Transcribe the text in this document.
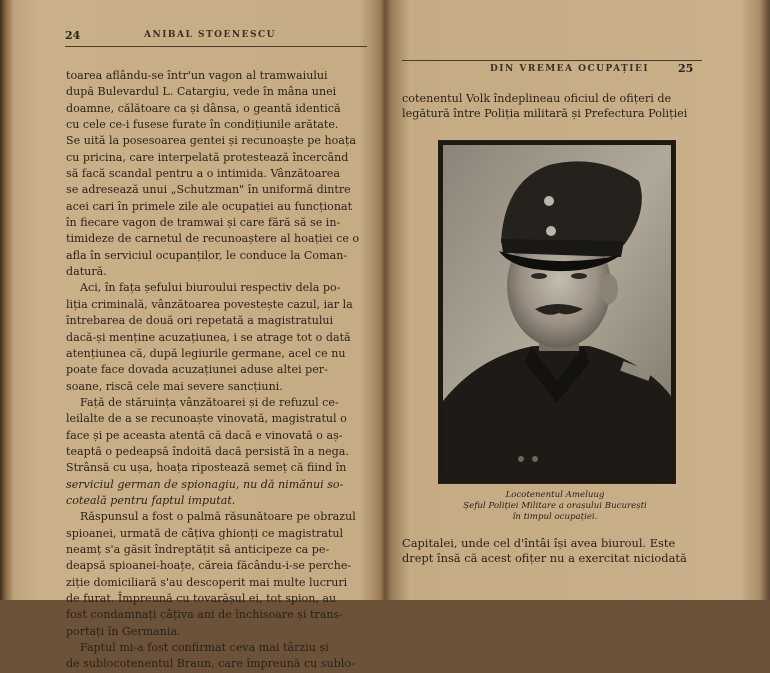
24	ANIBAL STOENESCU
toarea aflându-se într'un vagon al tramwaiului
după Bulevardul L. Catargiu, vede în mâna unei
doamne, călătoare ca și dânsa, o geantă identică
cu cele ce-i fusese furate în condițiunile arătate.
Se uită la posesoarea gentei și recunoaște pe hoața
cu pricina, care interpelată protestează încercând
să facă scandal pentru a o intimida. Vânzătoarea
se adresează unui „Schutzman" în uniformă dintre
acei cari în primele zile ale ocupației au funcționat
în fiecare vagon de tramwai și care fără să se in-
timideze de carnetul de recunoaștere al hoației ce o
afla în serviciul ocupanților, le conduce la Coman-
datură.
Aci, în fața șefului biuroului respectiv dela po-
liția criminală, vânzătoarea povestește cazul, iar la
întrebarea de două ori repetată a magistratului
dacă-și menține acuzațiunea, i se atrage tot o dată
atențiunea că, după legiurile germane, acel ce nu
poate face dovada acuzațiunei aduse altei per-
soane, riscă cele mai severe sancțiuni.
Față de stăruința vânzătoarei și de refuzul ce-
leilalte de a se recunoaște vinovată, magistratul o
face și pe aceasta atentă că dacă e vinovată o aș-
teaptă o pedeapsă îndoită dacă persistă în a nega.
Strânsă cu ușa, hoața ripostează semeț că fiind în
serviciul german de spionagiu, nu dă nimănui so-
coteală pentru faptul imputat.
Răspunsul a fost o palmă răsunătoare pe obrazul
spioanei, urmată de câțiva ghionți ce magistratul
neamț s'a găsit îndreptățit să anticipeze ca pe-
deapsă spioanei-hoațe, căreia făcându-i-se perche-
ziție domiciliară s'au descoperit mai multe lucruri
de furat. Împreună cu tovarășul ei, tot spion, au
fost condamnați câțiva ani de închisoare și trans-
portați în Germania.
Faptul mi-a fost confirmat ceva mai târziu și
de sublocotenentul Braun, care împreună cu sublo-
DIN VREMEA OCUPAȚIEI	25
cotenentul Volk îndeplineau oficiul de ofițeri de
legătură între Poliția militară și Prefectura Poliției
Locotenentul Ameluug
Șeful Poliției Militare a orașului București
în timpul ocupației.
Capitalei, unde cel d'întâi își avea biuroul. Este
drept însă că acest ofițer nu a exercitat niciodată
